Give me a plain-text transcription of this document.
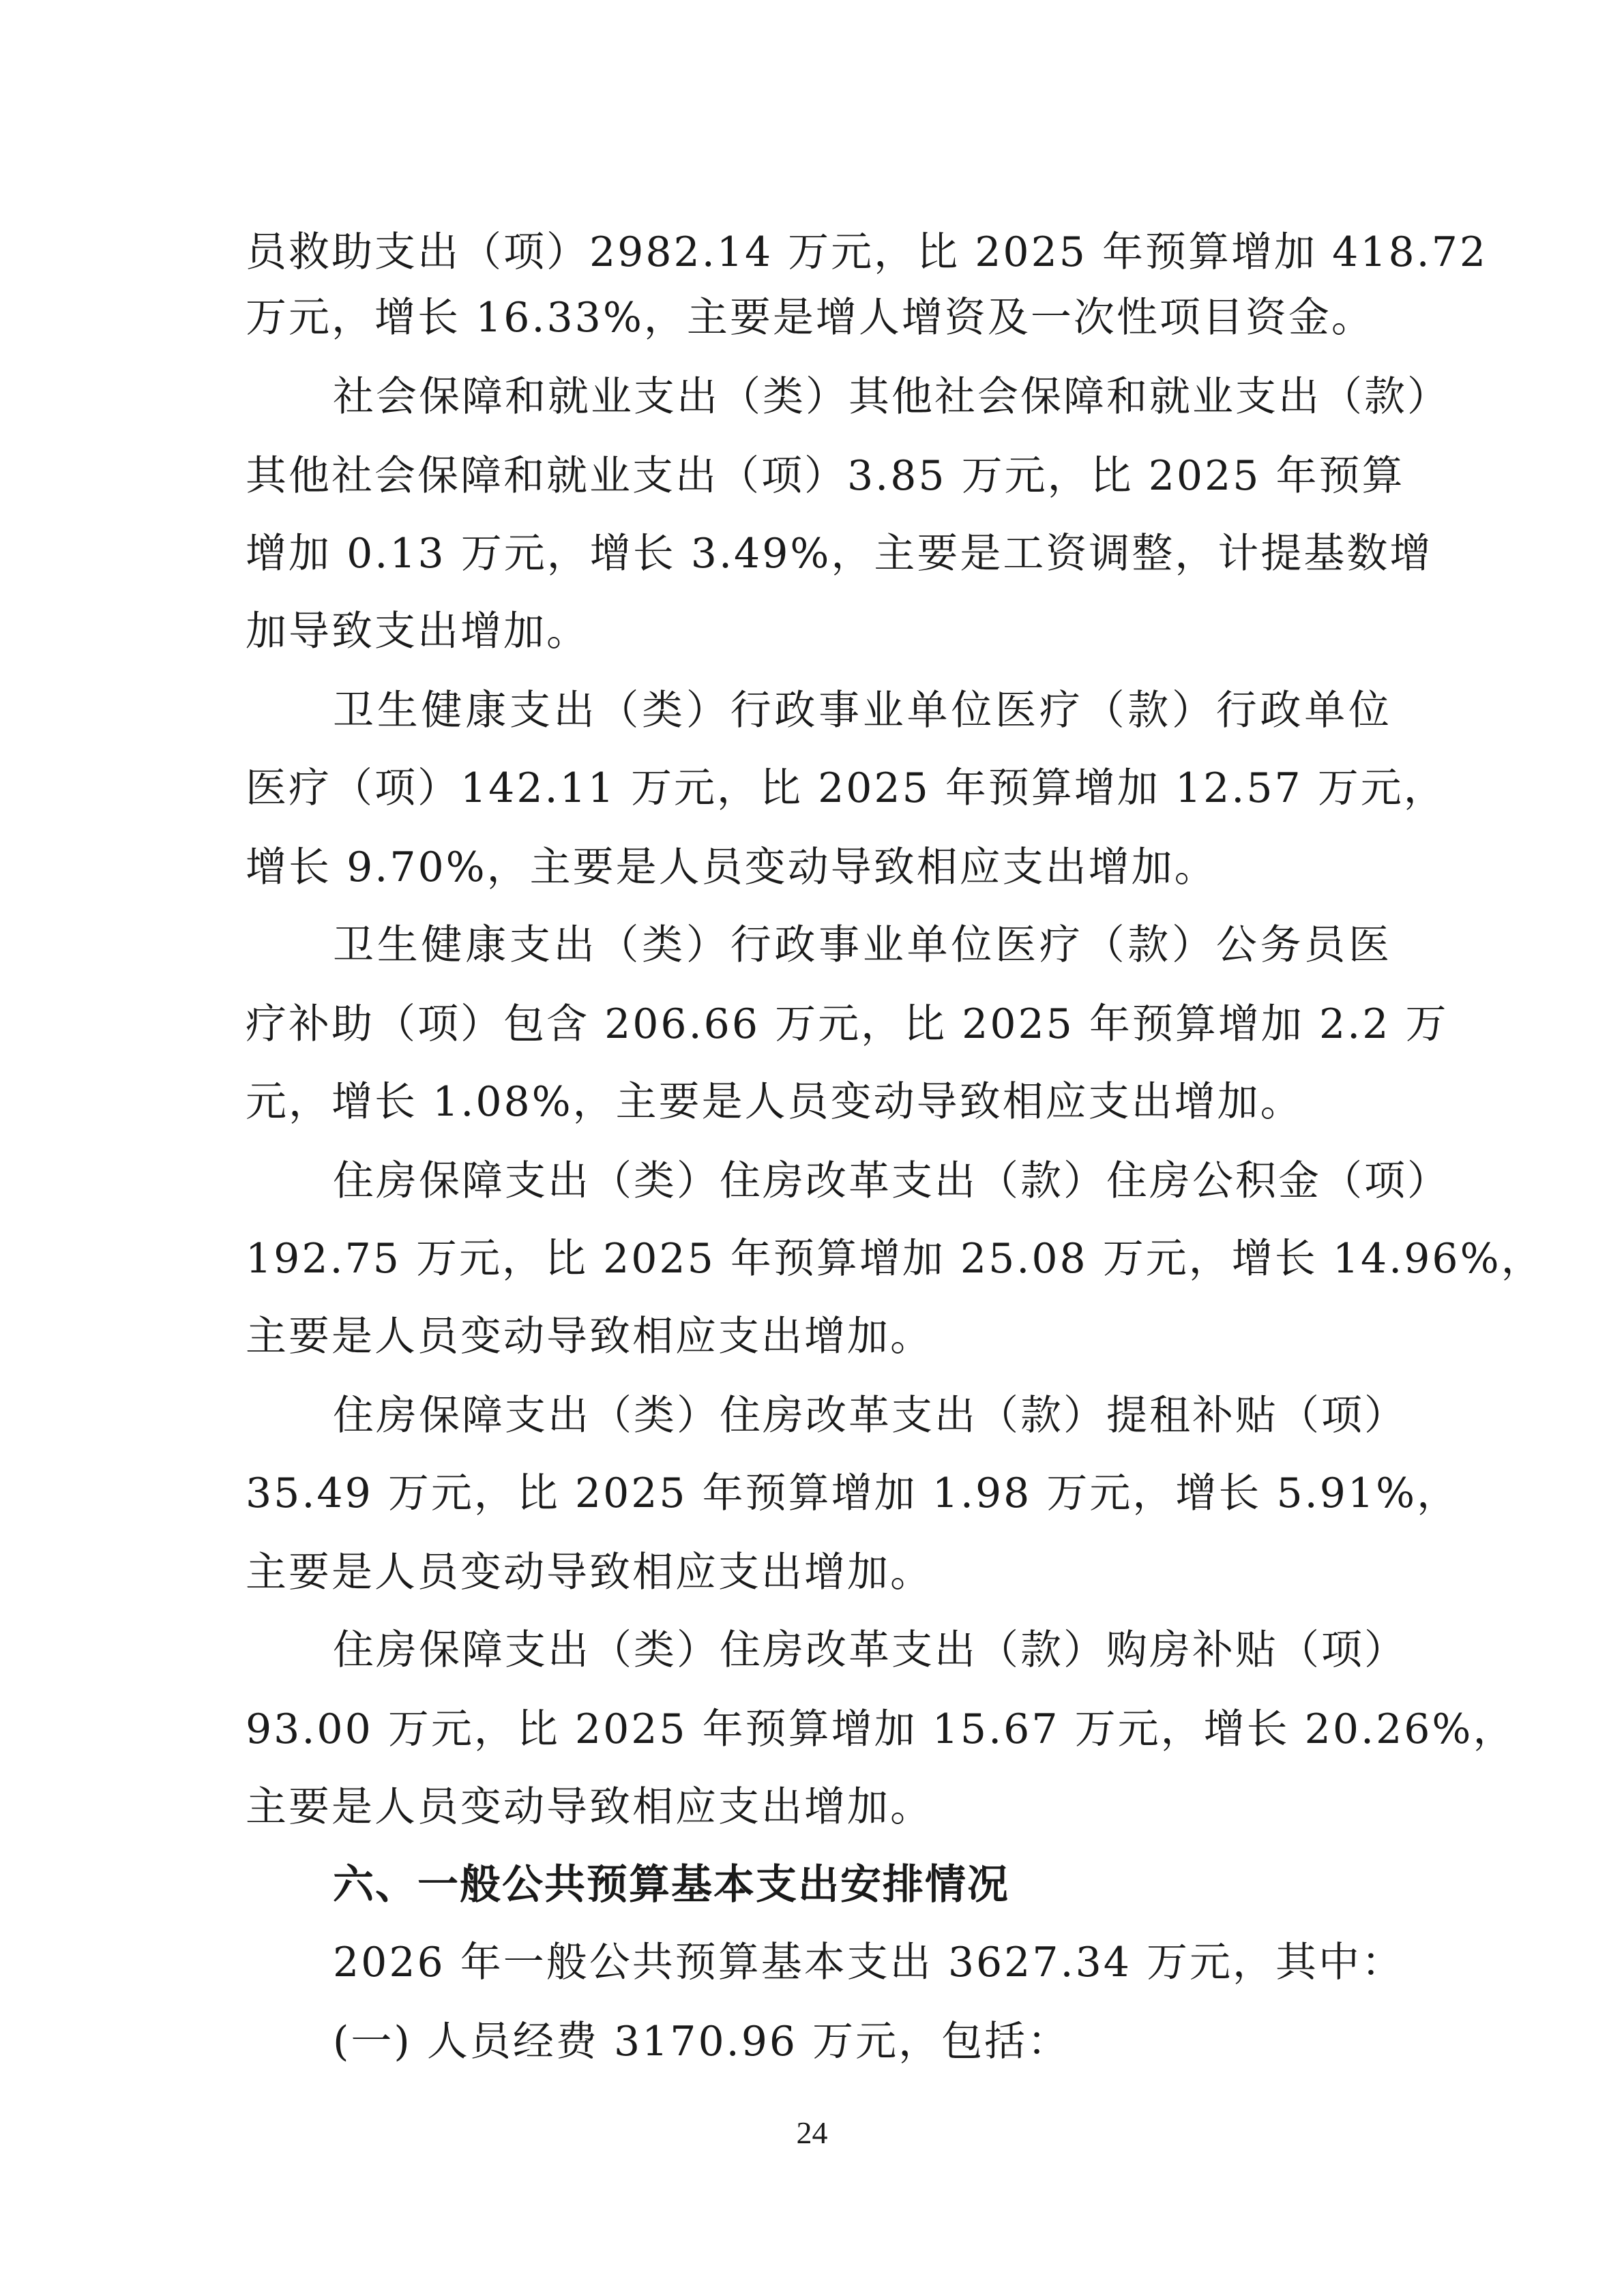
员救助支出（项）2982.14 万元，比 2025 年预算增加 418.72
万元，增长 16.33%，主要是增人增资及一次性项目资金。
社会保障和就业支出（类）其他社会保障和就业支出（款）
其他社会保障和就业支出（项）3.85 万元，比 2025 年预算
增加 0.13 万元，增长 3.49%，主要是工资调整，计提基数增
加导致支出增加。
卫生健康支出（类）行政事业单位医疗（款）行政单位
医疗（项）142.11 万元，比 2025 年预算增加 12.57 万元，
增长 9.70%，主要是人员变动导致相应支出增加。
卫生健康支出（类）行政事业单位医疗（款）公务员医
疗补助（项）包含 206.66 万元，比 2025 年预算增加 2.2 万
元，增长 1.08%，主要是人员变动导致相应支出增加。
住房保障支出（类）住房改革支出（款）住房公积金（项）
192.75 万元，比 2025 年预算增加 25.08 万元，增长 14.96%，
主要是人员变动导致相应支出增加。
住房保障支出（类）住房改革支出（款）提租补贴（项）
35.49 万元，比 2025 年预算增加 1.98 万元，增长 5.91%，
主要是人员变动导致相应支出增加。
住房保障支出（类）住房改革支出（款）购房补贴（项）
93.00 万元，比 2025 年预算增加 15.67 万元，增长 20.26%，
主要是人员变动导致相应支出增加。
六、一般公共预算基本支出安排情况
2026 年一般公共预算基本支出 3627.34 万元，其中：
(一) 人员经费 3170.96 万元，包括：
24
